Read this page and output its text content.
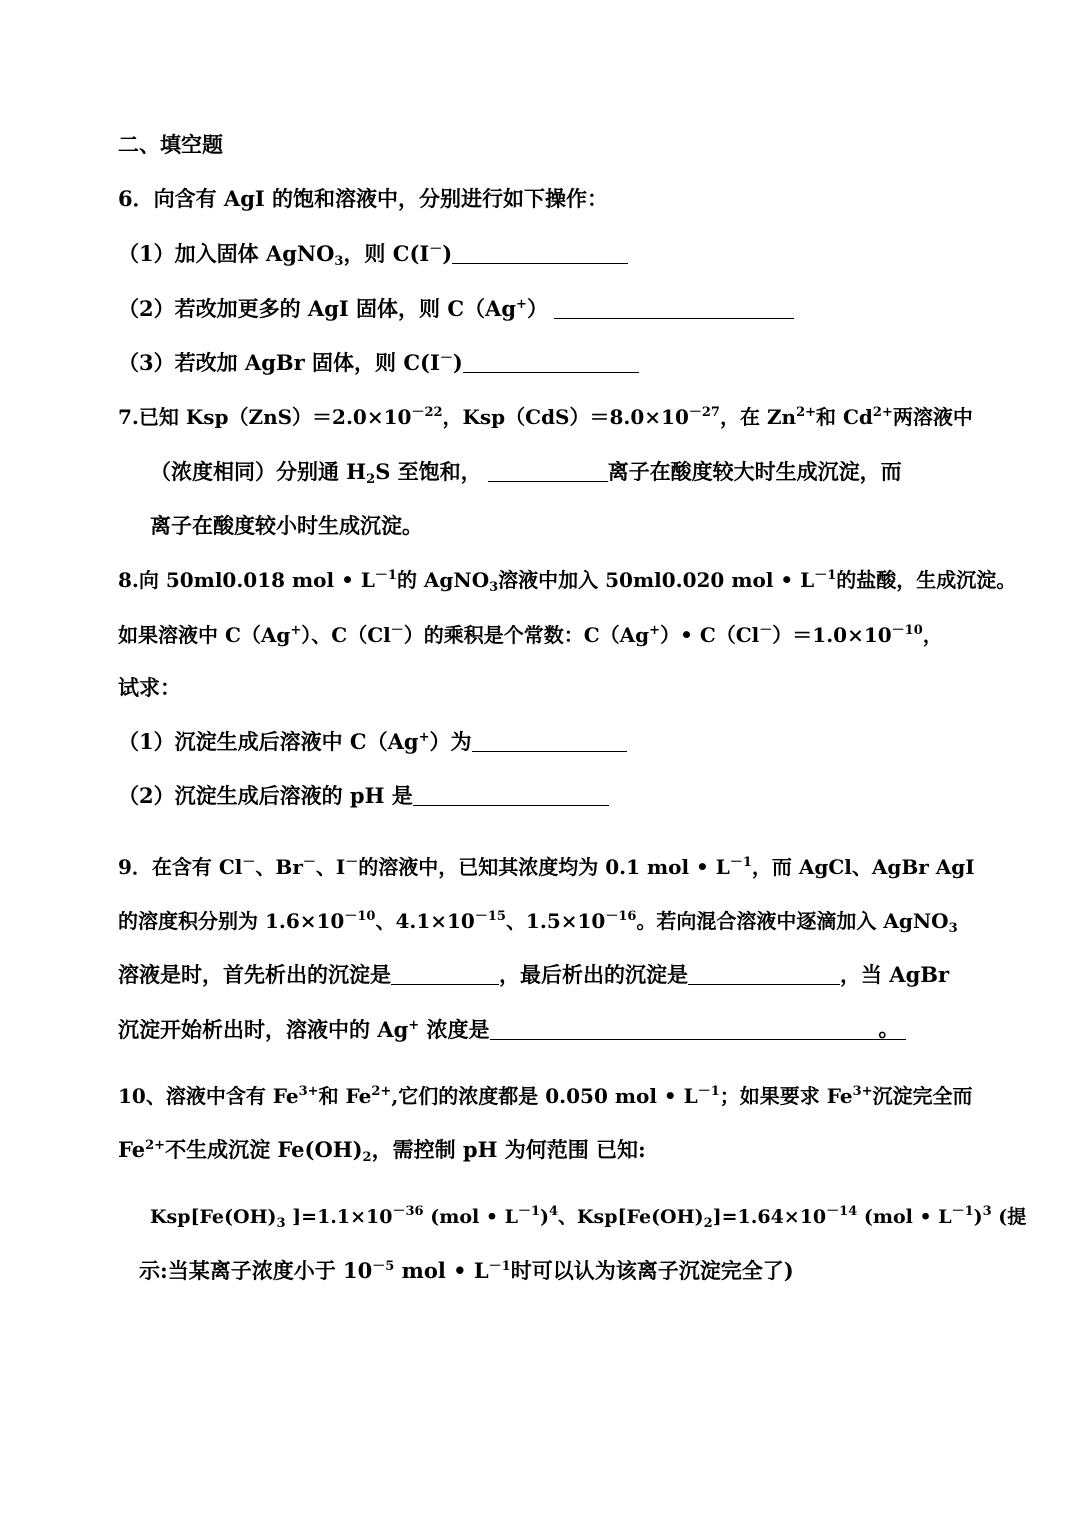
二、填空题
6．向含有 AgI 的饱和溶液中，分别进行如下操作：
（1）加入固体 AgNO$_3$，则 C(I－)
（2）若改加更多的 AgI 固体，则 C（Ag+）
（3）若改加 AgBr 固体，则 C(I－)
7.已知 $Ksp(ZnS)=2.0\times 10^{-22}$，$Ksp(CdS)=8.0\times 10^{-27}$，在 $Zn^{2+}$和 $Cd^{2+}$两溶液中
（浓度相同）分别通 $H_2S$ 至饱和，	离子在酸度较大时生成沉淀，而
离子在酸度较小时生成沉淀。
8.向 50ml0.018 mol • $L^{-1}$的 AgNO$_3$溶液中加入 50ml0.020 mol • $L^{-1}$的盐酸，生成沉淀。
如果溶液中 C（Ag+）、C（Cl－）的乘积是个常数：C（Ag+）• $C(Cl^-)=1.0\times 10^{-10}$，
试求：
（1）沉淀生成后溶液中 C（Ag+）为
（2）沉淀生成后溶液的 pH 是
9．在含有 Cl－、Br－、I－的溶液中，已知其浓度均为 0.1 mol • $L^{-1}$，而 AgCl、AgBr AgI
的溶度积分别为 $1.6\times 10^{-10}$、$4.1\times 10^{-15}$、$1.5\times 10^{-16}$。若向混合溶液中逐滴加入 AgNO$_3$
溶液是时，首先析出的沉淀是	，最后析出的沉淀是	，当 AgBr
沉淀开始析出时，溶液中的 Ag+ 浓度是	。
10、溶液中含有 $Fe^{3+}$和 $Fe^{2+}$,它们的浓度都是 0.050 mol • $L^{-1}$；如果要求 $Fe^{3+}$沉淀完全而
$Fe^{2+}$不生成沉淀 $Fe(OH)_2$，需控制 pH 为何范围 已知:
$Ksp[Fe(OH)_3$ ]$=1.1\times 10^{-36}$ (mol • $L^{-1})^4$、$Ksp[Fe(OH)_2]=1.64\times 10^{-14}$ (mol • $L^{-1})^3$ (提
示:当某离子浓度小于 $10^{-5}$ mol • $L^{-1}$时可以认为该离子沉淀完全了)
